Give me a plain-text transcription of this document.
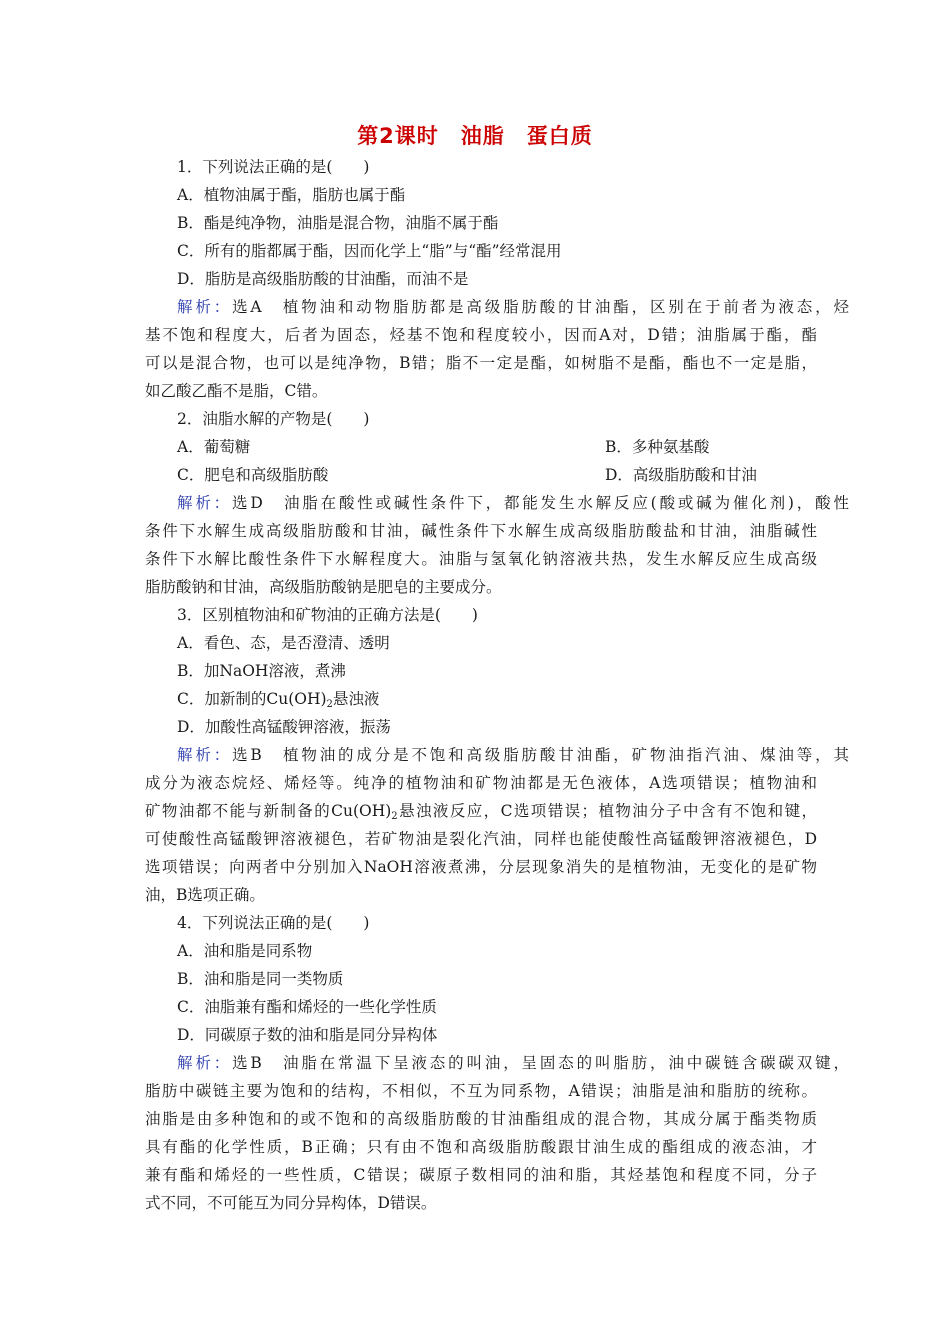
第2课时　油脂　蛋白质
1．下列说法正确的是(　　)
A．植物油属于酯，脂肪也属于酯
B．酯是纯净物，油脂是混合物，油脂不属于酯
C．所有的脂都属于酯，因而化学上“脂”与“酯”经常混用
D．脂肪是高级脂肪酸的甘油酯，而油不是
解析：选A　植物油和动物脂肪都是高级脂肪酸的甘油酯，区别在于前者为液态，烃
基不饱和程度大，后者为固态，烃基不饱和程度较小，因而A对，D错；油脂属于酯，酯
可以是混合物，也可以是纯净物，B错；脂不一定是酯，如树脂不是酯，酯也不一定是脂，
如乙酸乙酯不是脂，C错。
2．油脂水解的产物是(　　)
A．葡萄糖	B．多种氨基酸
C．肥皂和高级脂肪酸	D．高级脂肪酸和甘油
解析：选D　油脂在酸性或碱性条件下，都能发生水解反应(酸或碱为催化剂)，酸性
条件下水解生成高级脂肪酸和甘油，碱性条件下水解生成高级脂肪酸盐和甘油，油脂碱性
条件下水解比酸性条件下水解程度大。油脂与氢氧化钠溶液共热，发生水解反应生成高级
脂肪酸钠和甘油，高级脂肪酸钠是肥皂的主要成分。
3．区别植物油和矿物油的正确方法是(　　)
A．看色、态，是否澄清、透明
B．加NaOH溶液，煮沸
C．加新制的$Cu(OH)_2$悬浊液
D．加酸性高锰酸钾溶液，振荡
解析：选B　植物油的成分是不饱和高级脂肪酸甘油酯，矿物油指汽油、煤油等，其
成分为液态烷烃、烯烃等。纯净的植物油和矿物油都是无色液体，A选项错误；植物油和
矿物油都不能与新制备的$Cu(OH)_2$悬浊液反应，C选项错误；植物油分子中含有不饱和键，
可使酸性高锰酸钾溶液褪色，若矿物油是裂化汽油，同样也能使酸性高锰酸钾溶液褪色，D
选项错误；向两者中分别加入NaOH溶液煮沸，分层现象消失的是植物油，无变化的是矿物
油，B选项正确。
4．下列说法正确的是(　　)
A．油和脂是同系物
B．油和脂是同一类物质
C．油脂兼有酯和烯烃的一些化学性质
D．同碳原子数的油和脂是同分异构体
解析：选B　油脂在常温下呈液态的叫油，呈固态的叫脂肪，油中碳链含碳碳双键，
脂肪中碳链主要为饱和的结构，不相似，不互为同系物，A错误；油脂是油和脂肪的统称。
油脂是由多种饱和的或不饱和的高级脂肪酸的甘油酯组成的混合物，其成分属于酯类物质
具有酯的化学性质，B正确；只有由不饱和高级脂肪酸跟甘油生成的酯组成的液态油，才
兼有酯和烯烃的一些性质，C错误；碳原子数相同的油和脂，其烃基饱和程度不同，分子
式不同，不可能互为同分异构体，D错误。
